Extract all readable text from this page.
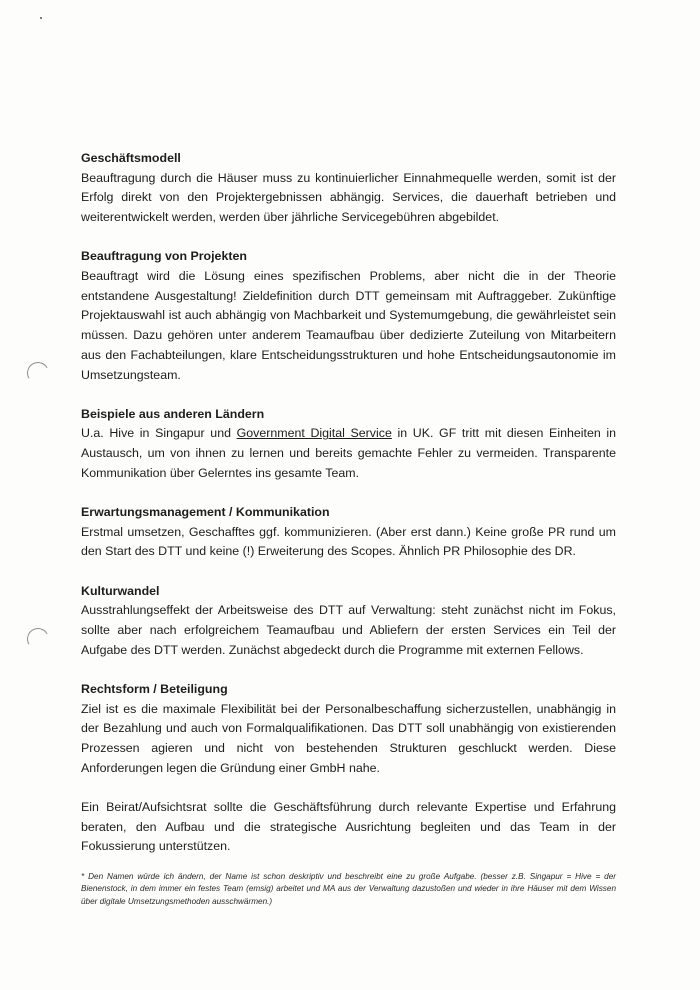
Geschäftsmodell
Beauftragung durch die Häuser muss zu kontinuierlicher Einnahmequelle werden, somit ist der Erfolg direkt von den Projektergebnissen abhängig. Services, die dauerhaft betrieben und weiterentwickelt werden, werden über jährliche Servicegebühren abgebildet.
Beauftragung von Projekten
Beauftragt wird die Lösung eines spezifischen Problems, aber nicht die in der Theorie entstandene Ausgestaltung! Zieldefinition durch DTT gemeinsam mit Auftraggeber. Zukünftige Projektauswahl ist auch abhängig von Machbarkeit und Systemumgebung, die gewährleistet sein müssen. Dazu gehören unter anderem Teamaufbau über dedizierte Zuteilung von Mitarbeitern aus den Fachabteilungen, klare Entscheidungsstrukturen und hohe Entscheidungsautonomie im Umsetzungsteam.
Beispiele aus anderen Ländern
U.a. Hive in Singapur und Government Digital Service in UK. GF tritt mit diesen Einheiten in Austausch, um von ihnen zu lernen und bereits gemachte Fehler zu vermeiden. Transparente Kommunikation über Gelerntes ins gesamte Team.
Erwartungsmanagement / Kommunikation
Erstmal umsetzen, Geschafftes ggf. kommunizieren. (Aber erst dann.) Keine große PR rund um den Start des DTT und keine (!) Erweiterung des Scopes. Ähnlich PR Philosophie des DR.
Kulturwandel
Ausstrahlungseffekt der Arbeitsweise des DTT auf Verwaltung: steht zunächst nicht im Fokus, sollte aber nach erfolgreichem Teamaufbau und Abliefern der ersten Services ein Teil der Aufgabe des DTT werden. Zunächst abgedeckt durch die Programme mit externen Fellows.
Rechtsform / Beteiligung
Ziel ist es die maximale Flexibilität bei der Personalbeschaffung sicherzustellen, unabhängig in der Bezahlung und auch von Formalqualifikationen. Das DTT soll unabhängig von existierenden Prozessen agieren und nicht von bestehenden Strukturen geschluckt werden. Diese Anforderungen legen die Gründung einer GmbH nahe.
Ein Beirat/Aufsichtsrat sollte die Geschäftsführung durch relevante Expertise und Erfahrung beraten, den Aufbau und die strategische Ausrichtung begleiten und das Team in der Fokussierung unterstützen.
* Den Namen würde ich ändern, der Name ist schon deskriptiv und beschreibt eine zu große Aufgabe. (besser z.B. Singapur = Hive = der Bienenstock, in dem immer ein festes Team (emsig) arbeitet und MA aus der Verwaltung dazustoßen und wieder in ihre Häuser mit dem Wissen über digitale Umsetzungsmethoden ausschwärmen.)
